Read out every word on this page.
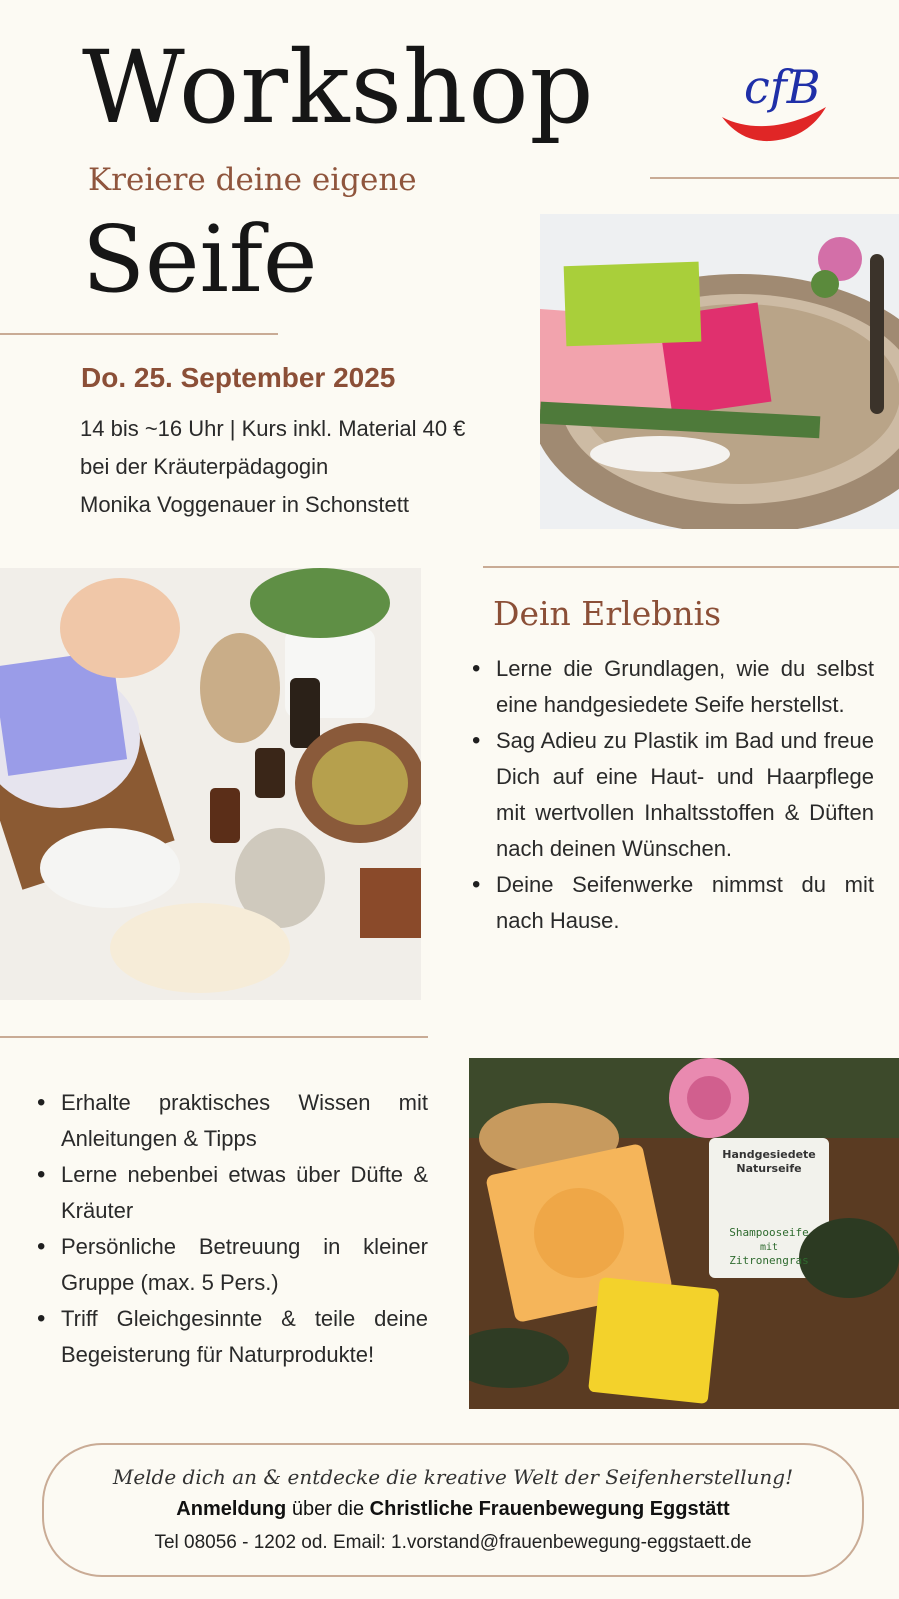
Workshop
Kreiere deine eigene
Seife
cfB
Do. 25. September 2025
14 bis ~16 Uhr | Kurs inkl. Material 40 €
bei der Kräuterpädagogin
Monika Voggenauer in Schonstett
Dein Erlebnis
• Lerne die Grundlagen, wie du selbst eine handgesiedete Seife herstellst.
• Sag Adieu zu Plastik im Bad und freue Dich auf eine Haut- und Haarpflege mit wertvollen Inhaltsstoffen & Düften nach deinen Wünschen.
• Deine Seifenwerke nimmst du mit nach Hause.
• Erhalte praktisches Wissen mit Anleitungen & Tipps
• Lerne nebenbei etwas über Düfte & Kräuter
• Persönliche Betreuung in kleiner Gruppe (max. 5 Pers.)
• Triff Gleichgesinnte & teile deine Begeisterung für Naturprodukte!
Handgesiedete
Naturseife
Shampooseife
mit
Zitronengras
Melde dich an & entdecke die kreative Welt der Seifenherstellung!
Anmeldung über die Christliche Frauenbewegung Eggstätt
Tel 08056 - 1202 od. Email: 1.vorstand@frauenbewegung-eggstaett.de
